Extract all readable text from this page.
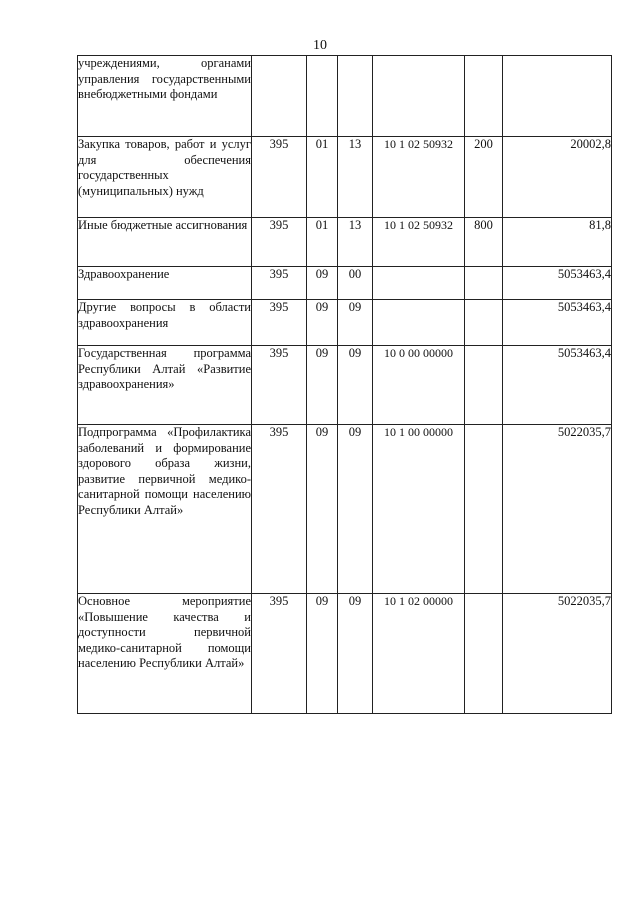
10
учреждениями, органами управления государственными внебюджетными фондами						
Закупка товаров, работ и услуг для обеспечения государственных (муниципальных) нужд	395	01	13	10 1 02 50932	200	20002,8
Иные бюджетные ассигнования	395	01	13	10 1 02 50932	800	81,8
Здравоохранение	395	09	00			5053463,4
Другие вопросы в области здравоохранения	395	09	09			5053463,4
Государственная программа Республики Алтай «Развитие здравоохранения»	395	09	09	10 0 00 00000		5053463,4
Подпрограмма «Профилактика заболеваний и формирование здорового образа жизни, развитие первичной медико-санитарной помощи населению Республики Алтай»	395	09	09	10 1 00 00000		5022035,7
Основное мероприятие «Повышение качества и доступности первичной медико-санитарной помощи населению Республики Алтай»	395	09	09	10 1 02 00000		5022035,7
